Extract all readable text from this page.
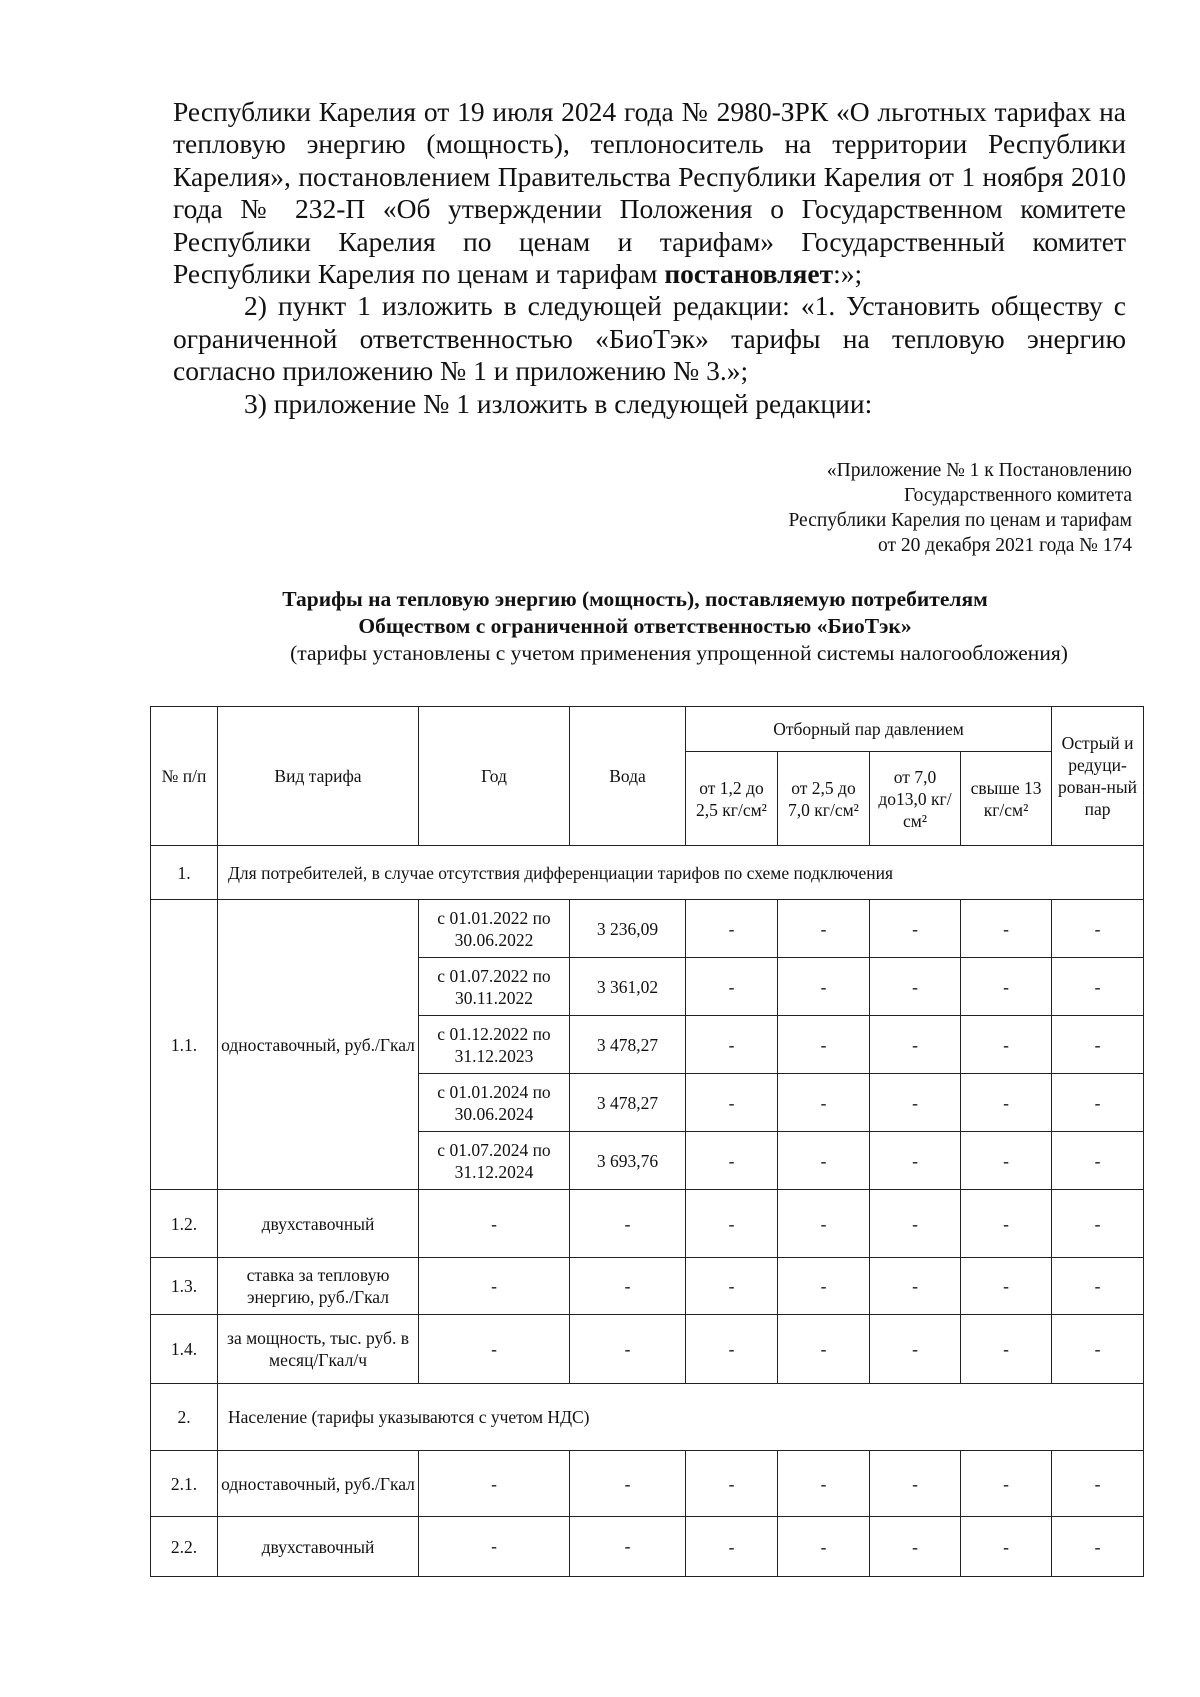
Республики Карелия от 19 июля 2024 года № 2980-ЗРК «О льготных тарифах на тепловую энергию (мощность), теплоноситель на территории Республики Карелия», постановлением Правительства Республики Карелия от 1 ноября 2010 года № 232-П «Об утверждении Положения о Государственном комитете Республики Карелия по ценам и тарифам» Государственный комитет Республики Карелия по ценам и тарифам постановляет:»;

2) пункт 1 изложить в следующей редакции: «1. Установить обществу с ограниченной ответственностью «БиоТэк» тарифы на тепловую энергию согласно приложению № 1 и приложению № 3.»;

3) приложение № 1 изложить в следующей редакции:

«Приложение № 1 к Постановлению
Государственного комитета
Республики Карелия по ценам и тарифам
от 20 декабря 2021 года № 174
Тарифы на тепловую энергию (мощность), поставляемую потребителям
Обществом с ограниченной ответственностью «БиоТэк»
(тарифы установлены с учетом применения упрощенной системы налогообложения)
№ п/п	Вид тарифа	Год	Вода	Отборный пар давлением				Острый и редуци-рован-ный пар
				от 1,2 до 2,5 кг/см²	от 2,5 до 7,0 кг/см²	от 7,0 до13,0 кг/см²	свыше 13 кг/см²	
1.	Для потребителей, в случае отсутствия дифференциации тарифов по схеме подключения							
1.1.	одноставочный, руб./Гкал	с 01.01.2022 по 30.06.2022	3 236,09	-	-	-	-	-
		с 01.07.2022 по 30.11.2022	3 361,02	-	-	-	-	-
		с 01.12.2022 по 31.12.2023	3 478,27	-	-	-	-	-
		с 01.01.2024 по 30.06.2024	3 478,27	-	-	-	-	-
		с 01.07.2024 по 31.12.2024	3 693,76	-	-	-	-	-
1.2.	двухставочный	-	-	-	-	-	-	-
1.3.	ставка за тепловую энергию, руб./Гкал	-	-	-	-	-	-	-
1.4.	за мощность, тыс. руб. в месяц/Гкал/ч	-	-	-	-	-	-	-
2.	Население (тарифы указываются с учетом НДС)							
2.1.	одноставочный, руб./Гкал	-	-	-	-	-	-	-
2.2.	двухставочный	-	-	-	-	-	-	-
